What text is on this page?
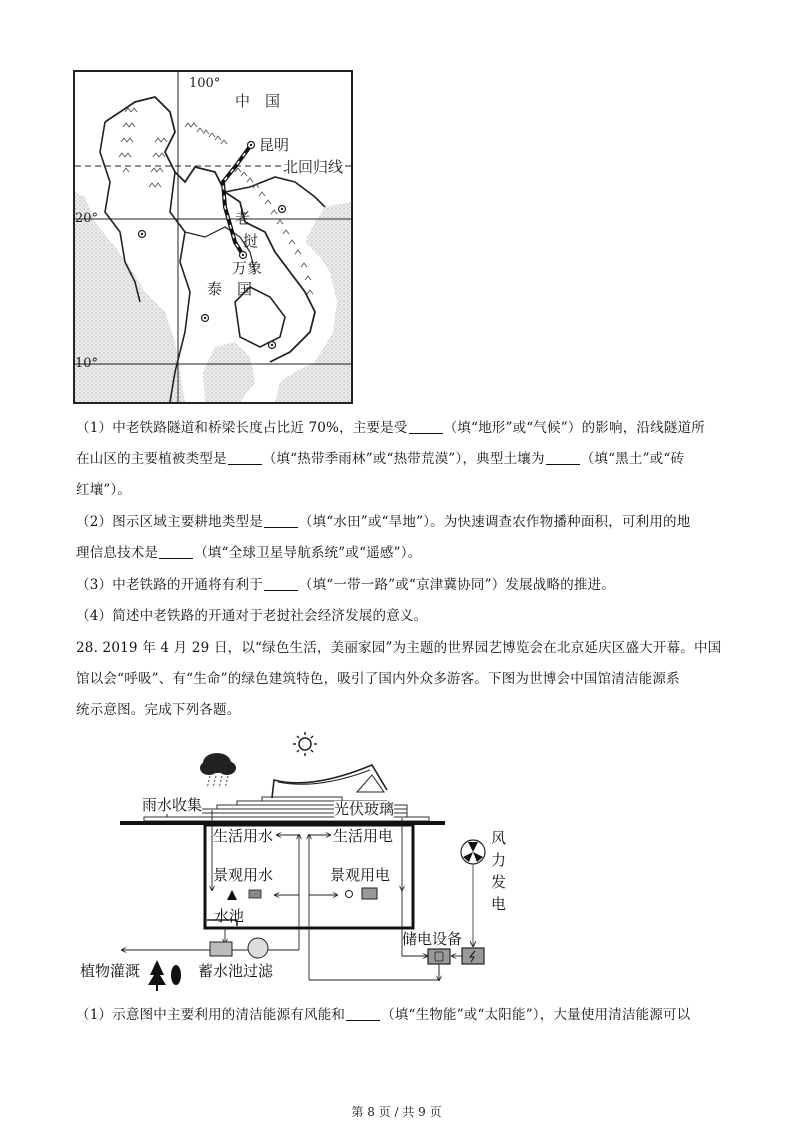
100°
中　国
昆明
北回归线
20°
10°
老
挝
万象
泰　国
（1）中老铁路隧道和桥梁长度占比近 70%，主要是受	（填“地形”或“气候”）的影响，沿线隧道所
在山区的主要植被类型是	（填“热带季雨林”或“热带荒漠”），典型土壤为	（填“黑土”或“砖
红壤”）。
（2）图示区域主要耕地类型是	（填“水田”或“旱地”）。为快速调查农作物播种面积，可利用的地
理信息技术是	（填“全球卫星导航系统”或“遥感”）。
（3）中老铁路的开通将有利于	（填“一带一路”或“京津冀协同”）发展战略的推进。
（4）简述中老铁路的开通对于老挝社会经济发展的意义。
28. 2019 年 4 月 29 日，以“绿色生活，美丽家园”为主题的世界园艺博览会在北京延庆区盛大开幕。中国
馆以会“呼吸”、有“生命”的绿色建筑特色，吸引了国内外众多游客。下图为世博会中国馆清洁能源系
统示意图。完成下列各题。
雨水收集	光伏玻璃
生活用水	生活用电
景观用水	景观用电
水池
储电设备
风
力
发
电
植物灌溉	蓄水池过滤
（1）示意图中主要利用的清洁能源有风能和	（填“生物能”或“太阳能”），大量使用清洁能源可以
第 8 页 / 共 9 页
